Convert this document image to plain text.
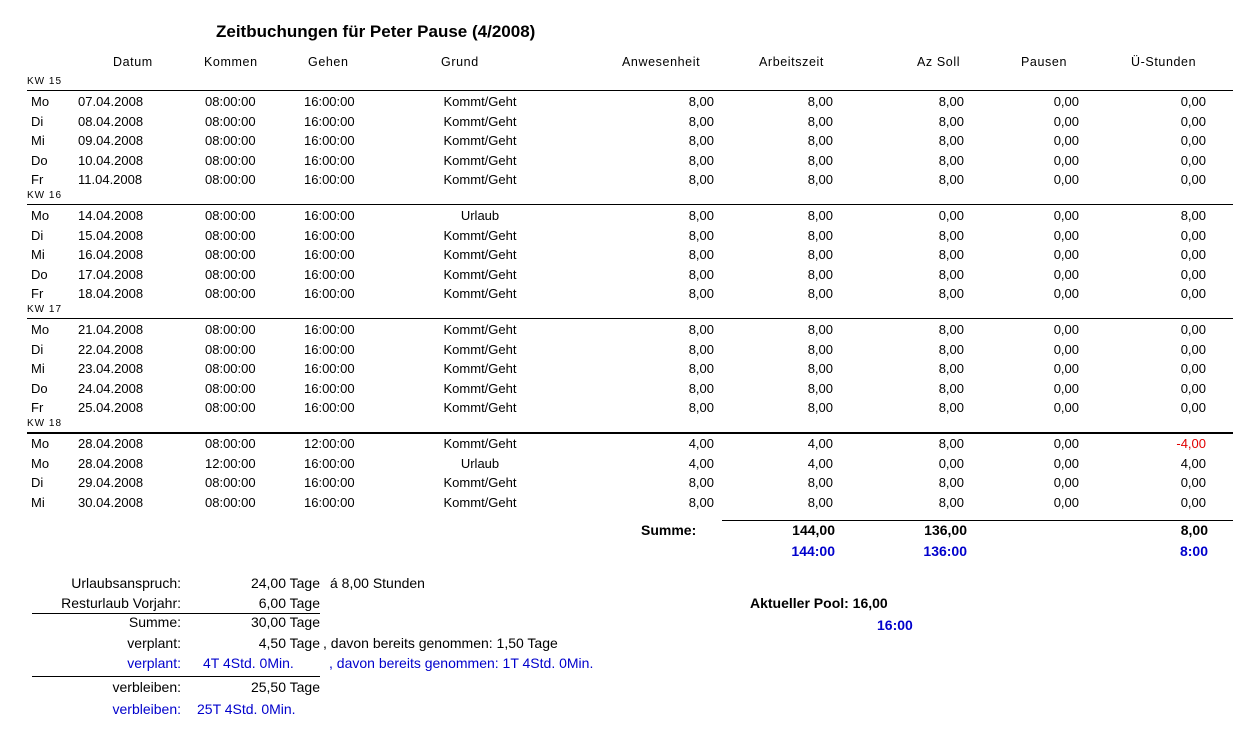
Zeitbuchungen für Peter Pause (4/2008)
Datum	Kommen	Gehen	Grund	Anwesenheit	Arbeitszeit	Az Soll	Pausen	Ü-Stunden
KW 15
Mo 07.04.2008	08:00:00	16:00:00	Kommt/Geht	8,00	8,00	8,00	0,00	0,00
Di	08.04.2008	08:00:00	16:00:00	Kommt/Geht	8,00	8,00	8,00	0,00	0,00
Mi	09.04.2008	08:00:00	16:00:00	Kommt/Geht	8,00	8,00	8,00	0,00	0,00
Do 10.04.2008	08:00:00	16:00:00	Kommt/Geht	8,00	8,00	8,00	0,00	0,00
Fr	11.04.2008	08:00:00	16:00:00	Kommt/Geht	8,00	8,00	8,00	0,00	0,00
KW 16
Mo 14.04.2008	08:00:00	16:00:00	Urlaub	8,00	8,00	0,00	0,00	8,00
Di	15.04.2008	08:00:00	16:00:00	Kommt/Geht	8,00	8,00	8,00	0,00	0,00
Mi	16.04.2008	08:00:00	16:00:00	Kommt/Geht	8,00	8,00	8,00	0,00	0,00
Do 17.04.2008	08:00:00	16:00:00	Kommt/Geht	8,00	8,00	8,00	0,00	0,00
Fr	18.04.2008	08:00:00	16:00:00	Kommt/Geht	8,00	8,00	8,00	0,00	0,00
KW 17
Mo 21.04.2008	08:00:00	16:00:00	Kommt/Geht	8,00	8,00	8,00	0,00	0,00
Di	22.04.2008	08:00:00	16:00:00	Kommt/Geht	8,00	8,00	8,00	0,00	0,00
Mi	23.04.2008	08:00:00	16:00:00	Kommt/Geht	8,00	8,00	8,00	0,00	0,00
Do 24.04.2008	08:00:00	16:00:00	Kommt/Geht	8,00	8,00	8,00	0,00	0,00
Fr	25.04.2008	08:00:00	16:00:00	Kommt/Geht	8,00	8,00	8,00	0,00	0,00
KW 18
Mo 28.04.2008	08:00:00	12:00:00	Kommt/Geht	4,00	4,00	8,00	0,00	-4,00
Mo 28.04.2008	12:00:00	16:00:00	Urlaub	4,00	4,00	0,00	0,00	4,00
Di	29.04.2008	08:00:00	16:00:00	Kommt/Geht	8,00	8,00	8,00	0,00	0,00
Mi	30.04.2008	08:00:00	16:00:00	Kommt/Geht	8,00	8,00	8,00	0,00	0,00
Summe:	144,00	136,00	8,00
144:00	136:00	8:00
Aktueller Pool: 16,00
16:00
Urlaubsanspruch:	24,00 Tage á 8,00 Stunden
Resturlaub Vorjahr:	6,00 Tage
Summe:	30,00 Tage
verplant:	4,50 Tage , davon bereits genommen: 1,50 Tage
verplant: 4T 4Std. 0Min.	, davon bereits genommen: 1T 4Std. 0Min.
verbleiben:	25,50 Tage
verbleiben: 25T 4Std. 0Min.
